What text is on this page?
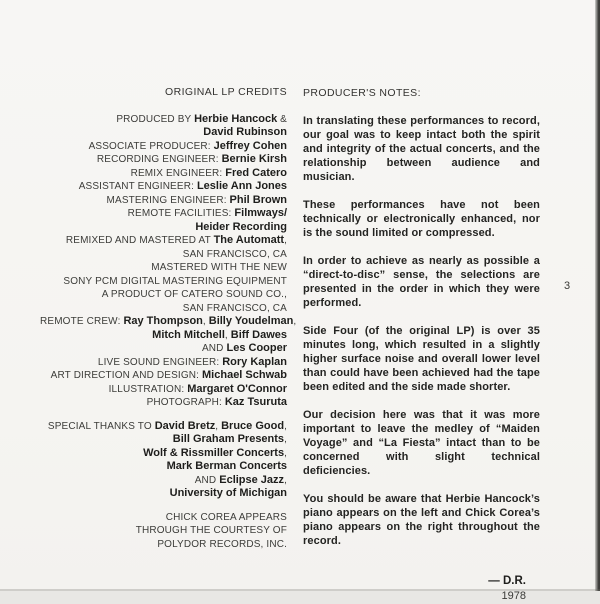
ORIGINAL LP CREDITS
PRODUCED BY Herbie Hancock &
David Rubinson
ASSOCIATE PRODUCER: Jeffrey Cohen
RECORDING ENGINEER: Bernie Kirsh
REMIX ENGINEER: Fred Catero
ASSISTANT ENGINEER: Leslie Ann Jones
MASTERING ENGINEER: Phil Brown
REMOTE FACILITIES: Filmways/
Heider Recording
REMIXED AND MASTERED AT The Automatt,
SAN FRANCISCO, CA
MASTERED WITH THE NEW
SONY PCM DIGITAL MASTERING EQUIPMENT
A PRODUCT OF CATERO SOUND CO.,
SAN FRANCISCO, CA
REMOTE CREW: Ray Thompson, Billy Youdelman,
Mitch Mitchell, Biff Dawes
AND Les Cooper
LIVE SOUND ENGINEER: Rory Kaplan
ART DIRECTION AND DESIGN: Michael Schwab
ILLUSTRATION: Margaret O'Connor
PHOTOGRAPH: Kaz Tsuruta
SPECIAL THANKS TO David Bretz, Bruce Good,
Bill Graham Presents,
Wolf & Rissmiller Concerts,
Mark Berman Concerts
AND Eclipse Jazz,
University of Michigan
CHICK COREA APPEARS
THROUGH THE COURTESY OF
POLYDOR RECORDS, INC.
PRODUCER'S NOTES:

In translating these performances to record, our goal was to keep intact both the spirit and integrity of the actual concerts, and the relationship between audience and musician.

These performances have not been technically or electronically enhanced, nor is the sound limited or compressed.

In order to achieve as nearly as possible a “direct-to-disc” sense, the selections are presented in the order in which they were performed.

Side Four (of the original LP) is over 35 minutes long, which resulted in a slightly higher surface noise and overall lower level than could have been achieved had the tape been edited and the side made shorter.

Our decision here was that it was more important to leave the medley of “Maiden Voyage” and “La Fiesta” intact than to be concerned with slight technical deficiencies.

You should be aware that Herbie Hancock’s piano appears on the left and Chick Corea’s piano appears on the right throughout the record.

— D.R.
1978
3
